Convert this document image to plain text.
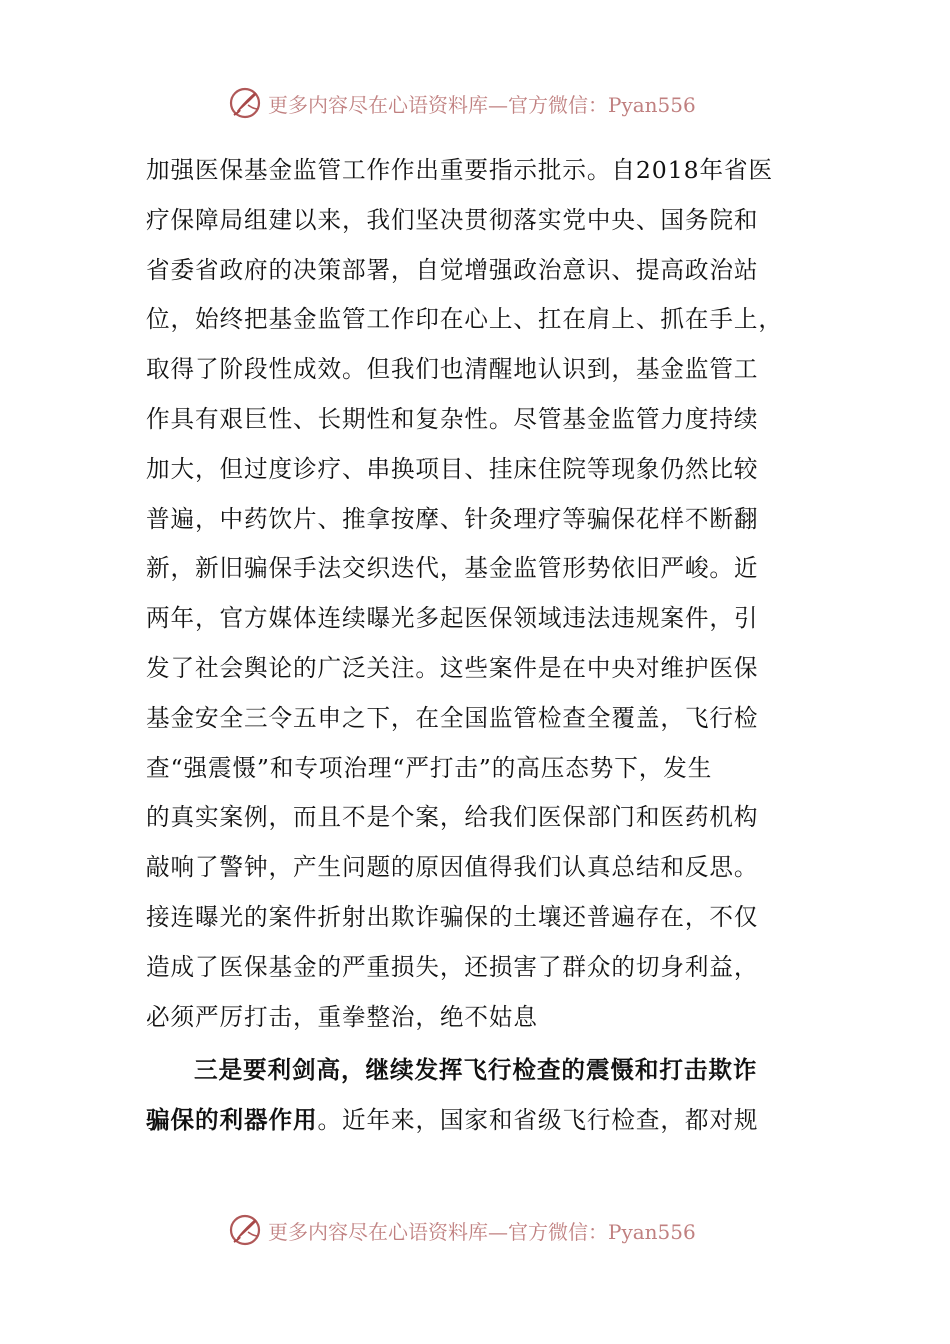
更多内容尽在心语资料库—官方微信：Pyan556
加强医保基金监管工作作出重要指示批示。自2018年省医
疗保障局组建以来，我们坚决贯彻落实党中央、国务院和
省委省政府的决策部署，自觉增强政治意识、提高政治站
位，始终把基金监管工作印在心上、扛在肩上、抓在手上，
取得了阶段性成效。但我们也清醒地认识到，基金监管工
作具有艰巨性、长期性和复杂性。尽管基金监管力度持续
加大，但过度诊疗、串换项目、挂床住院等现象仍然比较
普遍，中药饮片、推拿按摩、针灸理疗等骗保花样不断翻
新，新旧骗保手法交织迭代，基金监管形势依旧严峻。近
两年，官方媒体连续曝光多起医保领域违法违规案件，引
发了社会舆论的广泛关注。这些案件是在中央对维护医保
基金安全三令五申之下，在全国监管检查全覆盖，飞行检
查“强震慑”和专项治理“严打击”的高压态势下，发生
的真实案例，而且不是个案，给我们医保部门和医药机构
敲响了警钟，产生问题的原因值得我们认真总结和反思。
接连曝光的案件折射出欺诈骗保的土壤还普遍存在，不仅
造成了医保基金的严重损失，还损害了群众的切身利益，
必须严厉打击，重拳整治，绝不姑息
三是要利剑高，继续发挥飞行检查的震慑和打击欺诈
骗保的利器作用。近年来，国家和省级飞行检查，都对规
更多内容尽在心语资料库—官方微信：Pyan556
